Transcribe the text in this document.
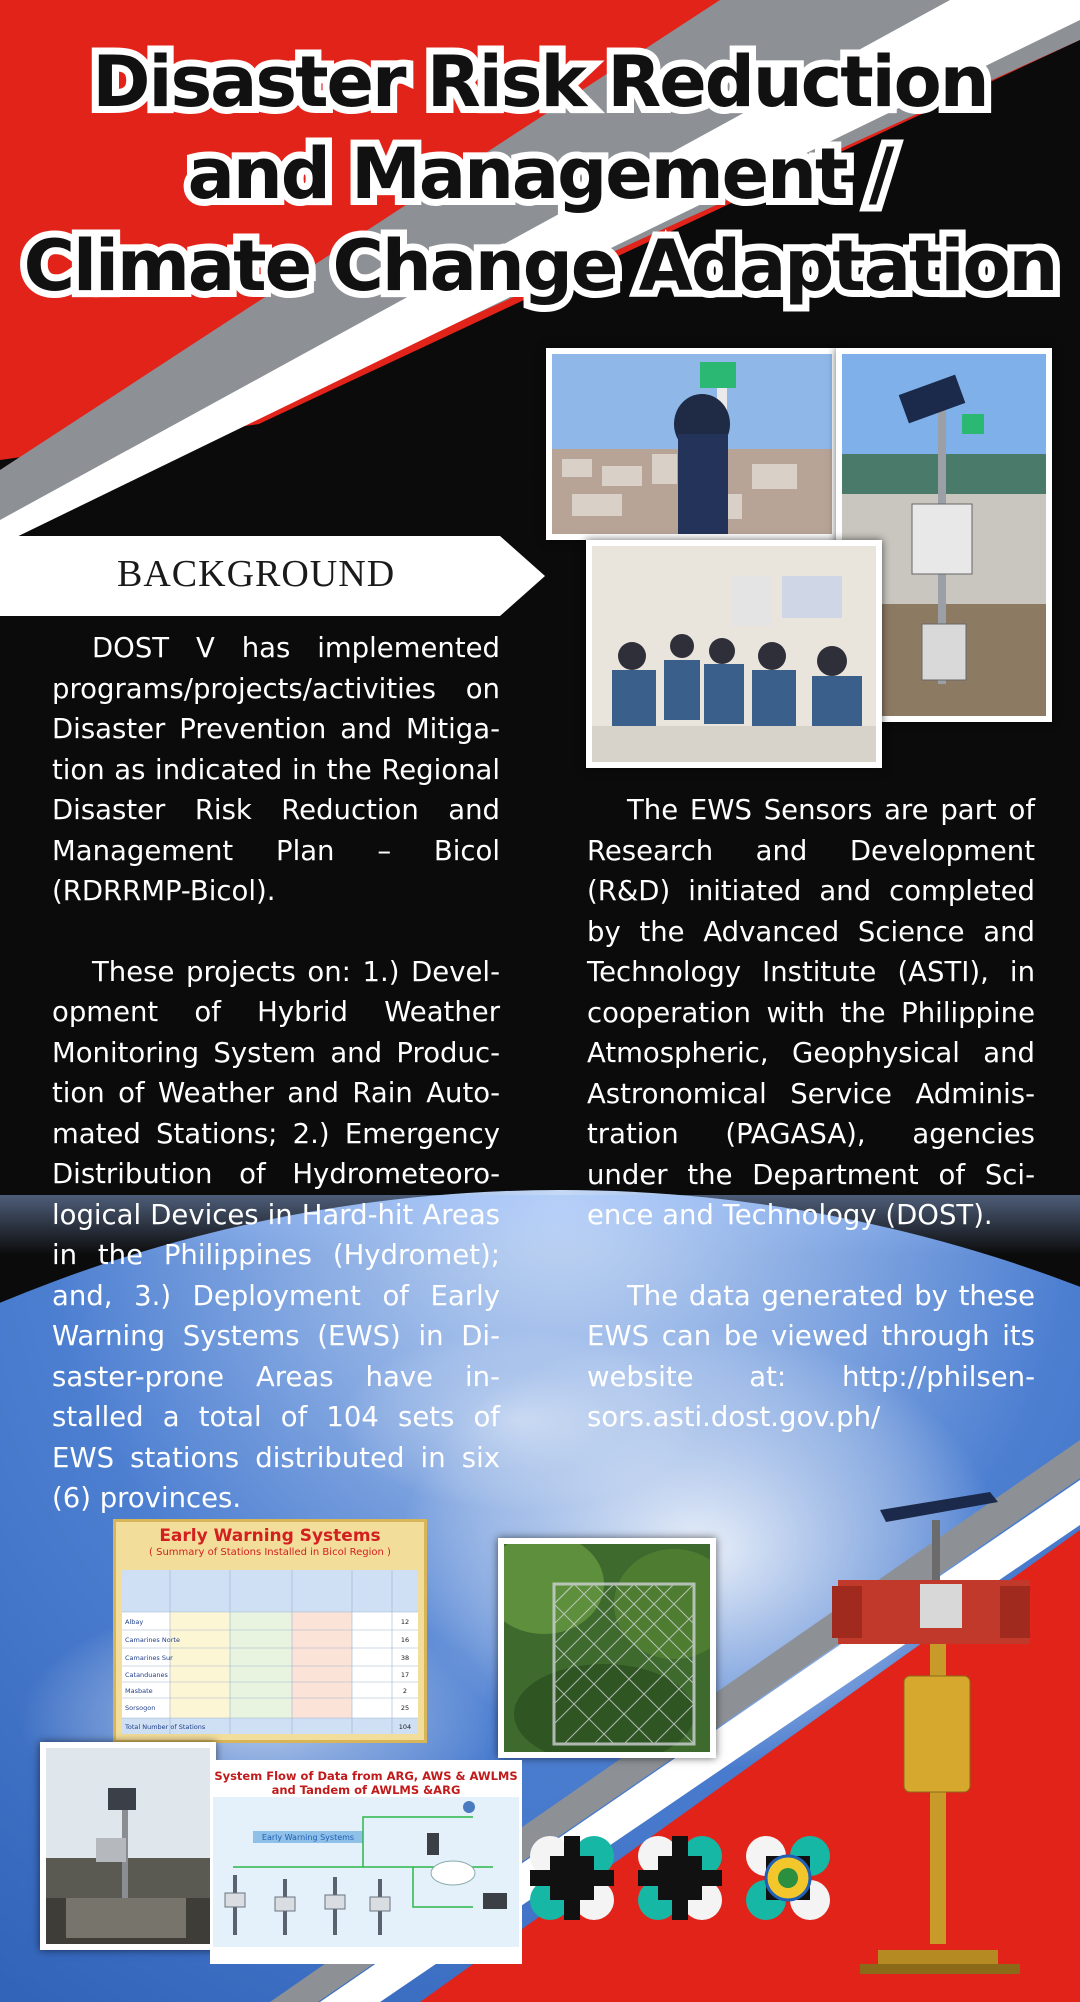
Disaster Risk Reduction
and Management /
Climate Change Adaptation
BACKGROUND

DOST V has implemented programs/projects/activities on Disaster Prevention and Mitigation as indicated in the Regional Disaster Risk Reduction and Management Plan – Bicol (RDRRMP-Bicol).

These projects on: 1.) Development of Hybrid Weather Monitoring System and Production of Weather and Rain Automated Stations; 2.) Emergency Distribution of Hydrometeorological Devices in Hard-hit Areas in the Philippines (Hydromet); and, 3.) Deployment of Early Warning Systems (EWS) in Disaster-prone Areas have installed a total of 104 sets of EWS stations distributed in six (6) provinces.

The EWS Sensors are part of Research and Development (R&D) initiated and completed by the Advanced Science and Technology Institute (ASTI), in cooperation with the Philippine Atmospheric, Geophysical and Astronomical Service Administration (PAGASA), agencies under the Department of Science and Technology (DOST).

The data generated by these EWS can be viewed through its website at: http://philsensors.asti.dost.gov.ph/

Early Warning Systems
( Summary of Stations Installed in Bicol Region )
Albay
Camarines Norte
Camarines Sur
Catanduanes
Masbate
Sorsogon
Total Number of Stations
12
16
38
17
2
25
104
System Flow of Data from ARG, AWS & AWLMS and Tandem of AWLMS &ARG
Early Warning Systems
